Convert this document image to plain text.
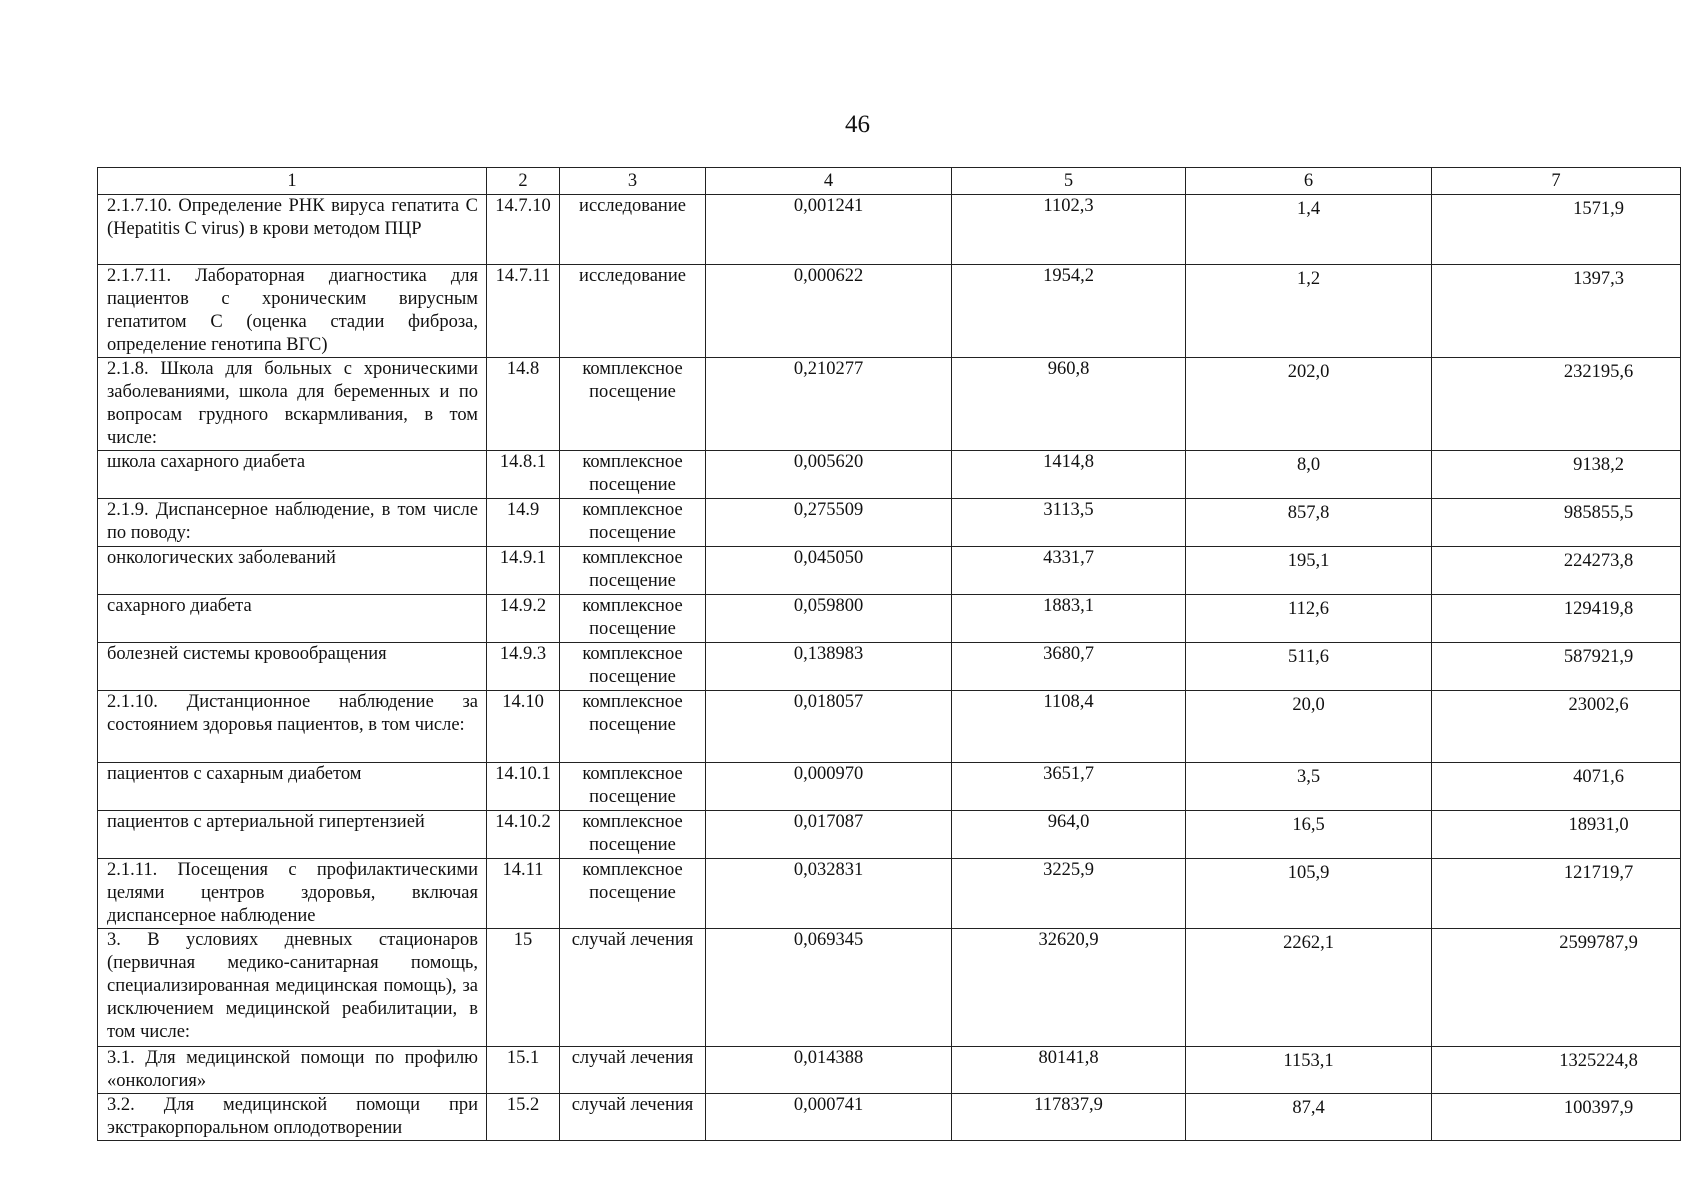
46
1	2	3	4	5	6	7
2.1.7.10. Определение РНК вируса гепатита С (Hepatitis C virus) в крови методом ПЦР	14.7.10	исследование	0,001241	1102,3	1,4	1571,9
2.1.7.11. Лабораторная диагностика для пациентов с хроническим вирусным гепатитом С (оценка стадии фиброза, определение генотипа ВГС)	14.7.11	исследование	0,000622	1954,2	1,2	1397,3
2.1.8. Школа для больных с хроническими заболеваниями, школа для беременных и по вопросам грудного вскармливания, в том числе:	14.8	комплексное посещение	0,210277	960,8	202,0	232195,6
школа сахарного диабета	14.8.1	комплексное посещение	0,005620	1414,8	8,0	9138,2
2.1.9. Диспансерное наблюдение, в том числе по поводу:	14.9	комплексное посещение	0,275509	3113,5	857,8	985855,5
онкологических заболеваний	14.9.1	комплексное посещение	0,045050	4331,7	195,1	224273,8
сахарного диабета	14.9.2	комплексное посещение	0,059800	1883,1	112,6	129419,8
болезней системы кровообращения	14.9.3	комплексное посещение	0,138983	3680,7	511,6	587921,9
2.1.10. Дистанционное наблюдение за состоянием здоровья пациентов, в том числе:	14.10	комплексное посещение	0,018057	1108,4	20,0	23002,6
пациентов с сахарным диабетом	14.10.1	комплексное посещение	0,000970	3651,7	3,5	4071,6
пациентов с артериальной гипертензией	14.10.2	комплексное посещение	0,017087	964,0	16,5	18931,0
2.1.11. Посещения с профилактическими целями центров здоровья, включая диспансерное наблюдение	14.11	комплексное посещение	0,032831	3225,9	105,9	121719,7
3. В условиях дневных стационаров (первичная медико-санитарная помощь, специализированная медицинская помощь), за исключением медицинской реабилитации, в том числе:	15	случай лечения	0,069345	32620,9	2262,1	2599787,9
3.1. Для медицинской помощи по профилю «онкология»	15.1	случай лечения	0,014388	80141,8	1153,1	1325224,8
3.2. Для медицинской помощи при экстракорпоральном оплодотворении	15.2	случай лечения	0,000741	117837,9	87,4	100397,9
